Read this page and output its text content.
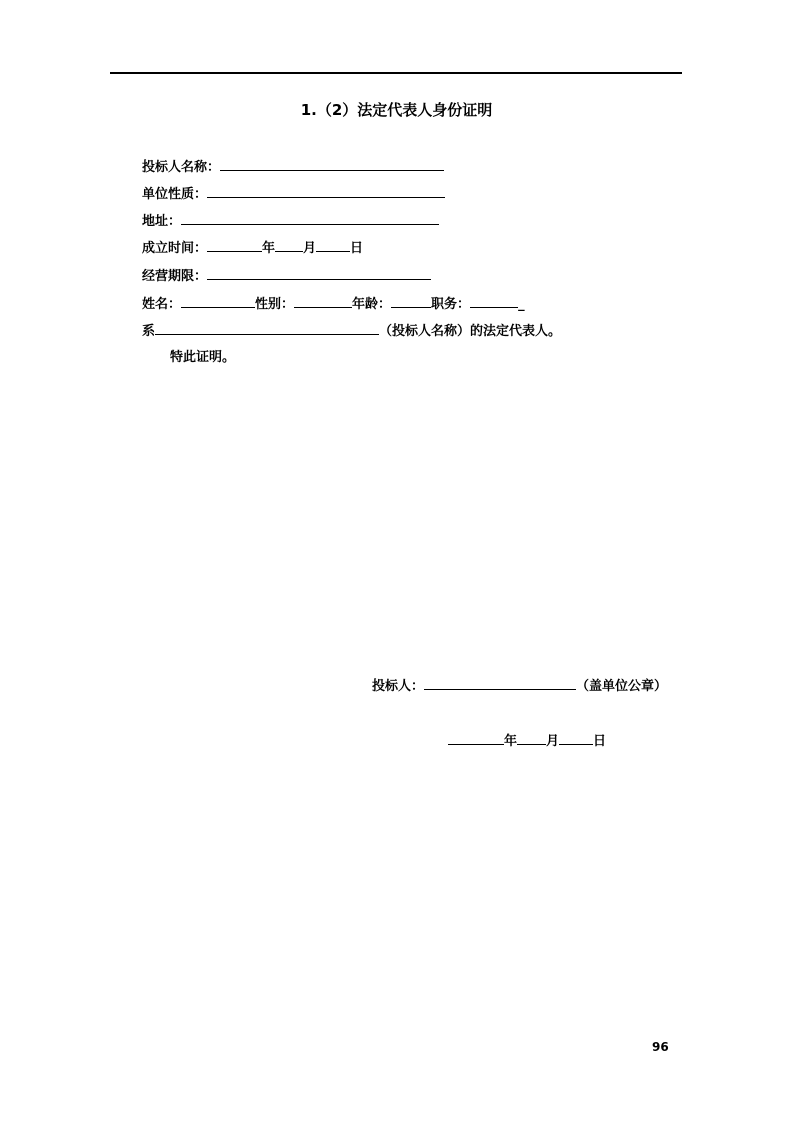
1.（2）法定代表人身份证明
投标人名称：
单位性质：
地址：
成立时间：	年 月	日
经营期限：
姓名：	性别：	年龄：	职务：	_
系	（投标人名称）的法定代表人。
特此证明。
投标人：	（盖单位公章）
年 月	日
96
